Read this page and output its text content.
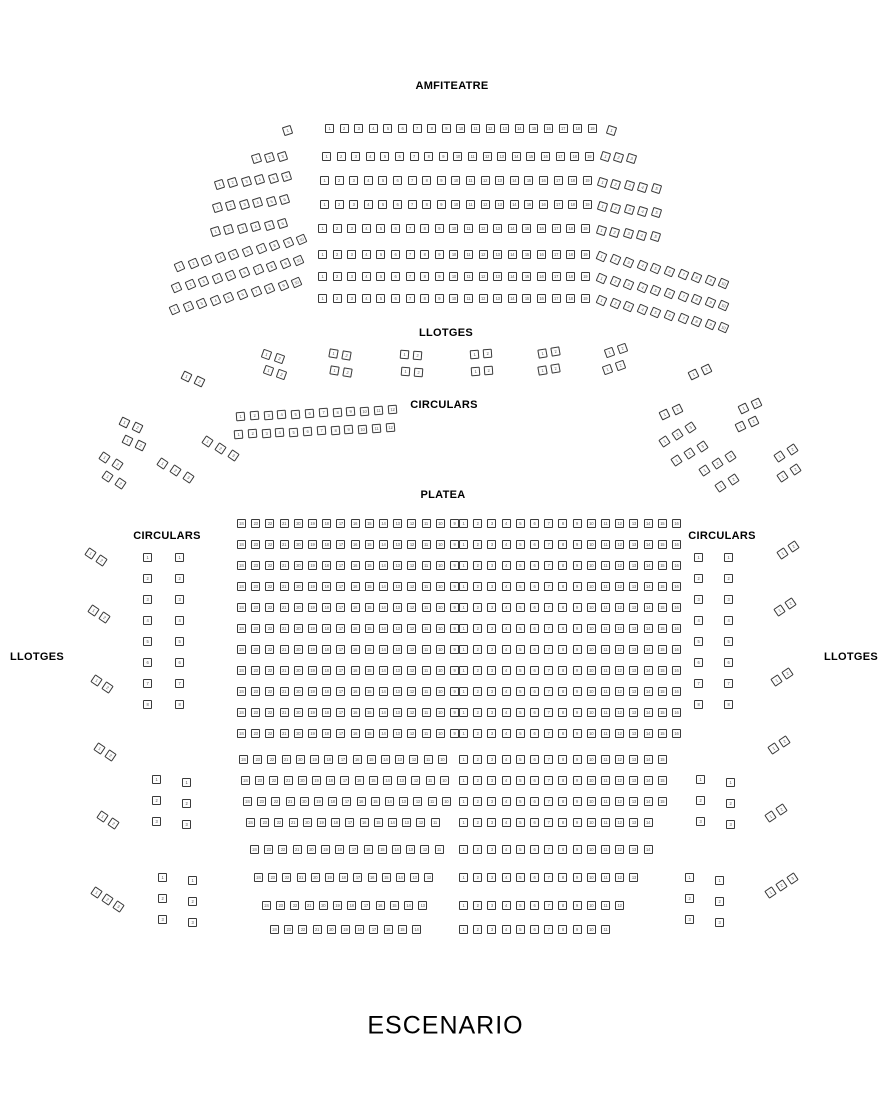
1	1	2	3	4	5	6	7	8	9	10	11	12	13	14	15	16	17	18	19	1
1 2 3	1	2	3	4	5	6	7	8	9	10	11	12	13	14	15	16	17	18	19	1 2 3
1 2 3 4 5 6
1	2	3	4	5	6	7	8	9	10	11	12	13	14	15	16	17	18	19	1 2 3 4 5
1 2 3 4 5 6
1	2	3	4	5	6	7	8	9	10	11	12	13	14	15	16	17	18	19	1 2 3 4 5
1 2 3 4 5 6
1	2	3	4	5	6	7	8	9	10	11	12	13	14	15	16	17	18	19	1 2 3 4 5
1
2
3
4
5
6
7
8
9 10
1	2	3	4	5	6	7	8	9	10	11	12	13	14	15	16	17	18	19	1
2
3
4
5
6
7
8
9 10
1
2
3
4
5
6
7
8
9 10
1	2	3	4	5	6	7	8	9	10	11	12	13	14	15	16	17	18	19	1
2
3
4
5
6
7
8
9 10
1
2
3
4
5
6
7
8
9 10
1	2	3	4	5	6	7	8	9	10	11	12	13	14	15	16	17	18	19	1
2
3
4
5
6
7
8
9 10
1
2
1
2
1 2
1 2
1	2
1	2
1	2
1	2
1 2
1 2
1
2
1
2
1
2
1
2
1
2
1
2
1
2
1
2
1
2
1	2	3	4	5	6	7	8	9	10 11 12
1	2	3	4	5	6	7	8	9	10 11 12
1
2
3
1
2
3
1
2
1
2
1
2
3
1
2
3
1
2
3
1
2
1
2
1
2
24 23 22 21 20 19 18 17 16 15 14 13 12 11 10	9
24 23 22 21 20 19 18 17 16 15 14 13 12 11 10	9
24 23 22 21 20 19 18 17 16 15 14 13 12 11 10	9
24 23 22 21 20 19 18 17 16 15 14 13 12 11 10	9
24 23 22 21 20 19 18 17 16 15 14 13 12 11 10	9
24 23 22 21 20 19 18 17 16 15 14 13 12 11 10	9
24 23 22 21 20 19 18 17 16 15 14 13 12 11 10	9
24 23 22 21 20 19 18 17 16 15 14 13 12 11 10	9
24 23 22 21 20 19 18 17 16 15 14 13 12 11 10	9
24 23 22 21 20 19 18 17 16 15 14 13 12 11 10	9
24 23 22 21 20 19 18 17 16 15 14 13 12 11 10	9
24 23 22 21 20 19 18 17 16 15 14 13 12 11 10
24 23 22 21 20 19 18 17 16 15 14 13 12 11 10
24 23 22 21 20 19 18 17 16 15 14 13 12 11 10
24 23 22 21 20 19 18 17 16 15 14 13 12 11
24 23 22 21 20 19 18 17 16 15 14 13 12 11
24 23 22 21 20 19 18 17 16 15 14 13 12
24 23 22 21 20 19 18 17 16 15 14 13
24 23 22 21 20 19 18 17 16 15 14
1	2	3	4	5	6	7	8	9	10 11 12 13 14 15 16
1	2	3	4	5	6	7	8	9	10 11 12 13 14 15 16
1	2	3	4	5	6	7	8	9	10 11 12 13 14 15 16
1	2	3	4	5	6	7	8	9	10 11 12 13 14 15 16
1	2	3	4	5	6	7	8	9	10 11 12 13 14 15 16
1	2	3	4	5	6	7	8	9	10 11 12 13 14 15 16
1	2	3	4	5	6	7	8	9	10 11 12 13 14 15 16
1	2	3	4	5	6	7	8	9	10 11 12 13 14 15 16
1	2	3	4	5	6	7	8	9	10 11 12 13 14 15 16
1	2	3	4	5	6	7	8	9	10 11 12 13 14 15 16
1	2	3	4	5	6	7	8	9	10 11 12 13 14 15 16
1	2	3	4	5	6	7	8	9	10 11 12 13 14 15
1	2	3	4	5	6	7	8	9	10 11 12 13 14 15
1	2	3	4	5	6	7	8	9	10 11 12 13 14 15
1	2	3	4	5	6	7	8	9	10 11 12 13 14
1	2	3	4	5	6	7	8	9	10 11 12 13 14
1	2	3	4	5	6	7	8	9	10 11 12 13
1	2	3	4	5	6	7	8	9	10 11 12
1	2	3	4	5	6	7	8	9	10 11
1
2
3
4
5
6
7
8
1
2
3
4
5
6
7
8
1
2
3
1
2
3
1
2
3
1
2
3
1
2
3
4
5
6
7
8
1
2
3
4
5
6
7
8
1
2
3
1
2
3
1
2
3
1
2
3
1
2
1
2
1
2
1
2
1
2
1
2
3
1
2
1
2
1
2
1
2
1
2
1
2
3
AMFITEATRE
LLOTGES
CIRCULARS
PLATEA
CIRCULARS	CIRCULARS
LLOTGES	LLOTGES
ESCENARIO
